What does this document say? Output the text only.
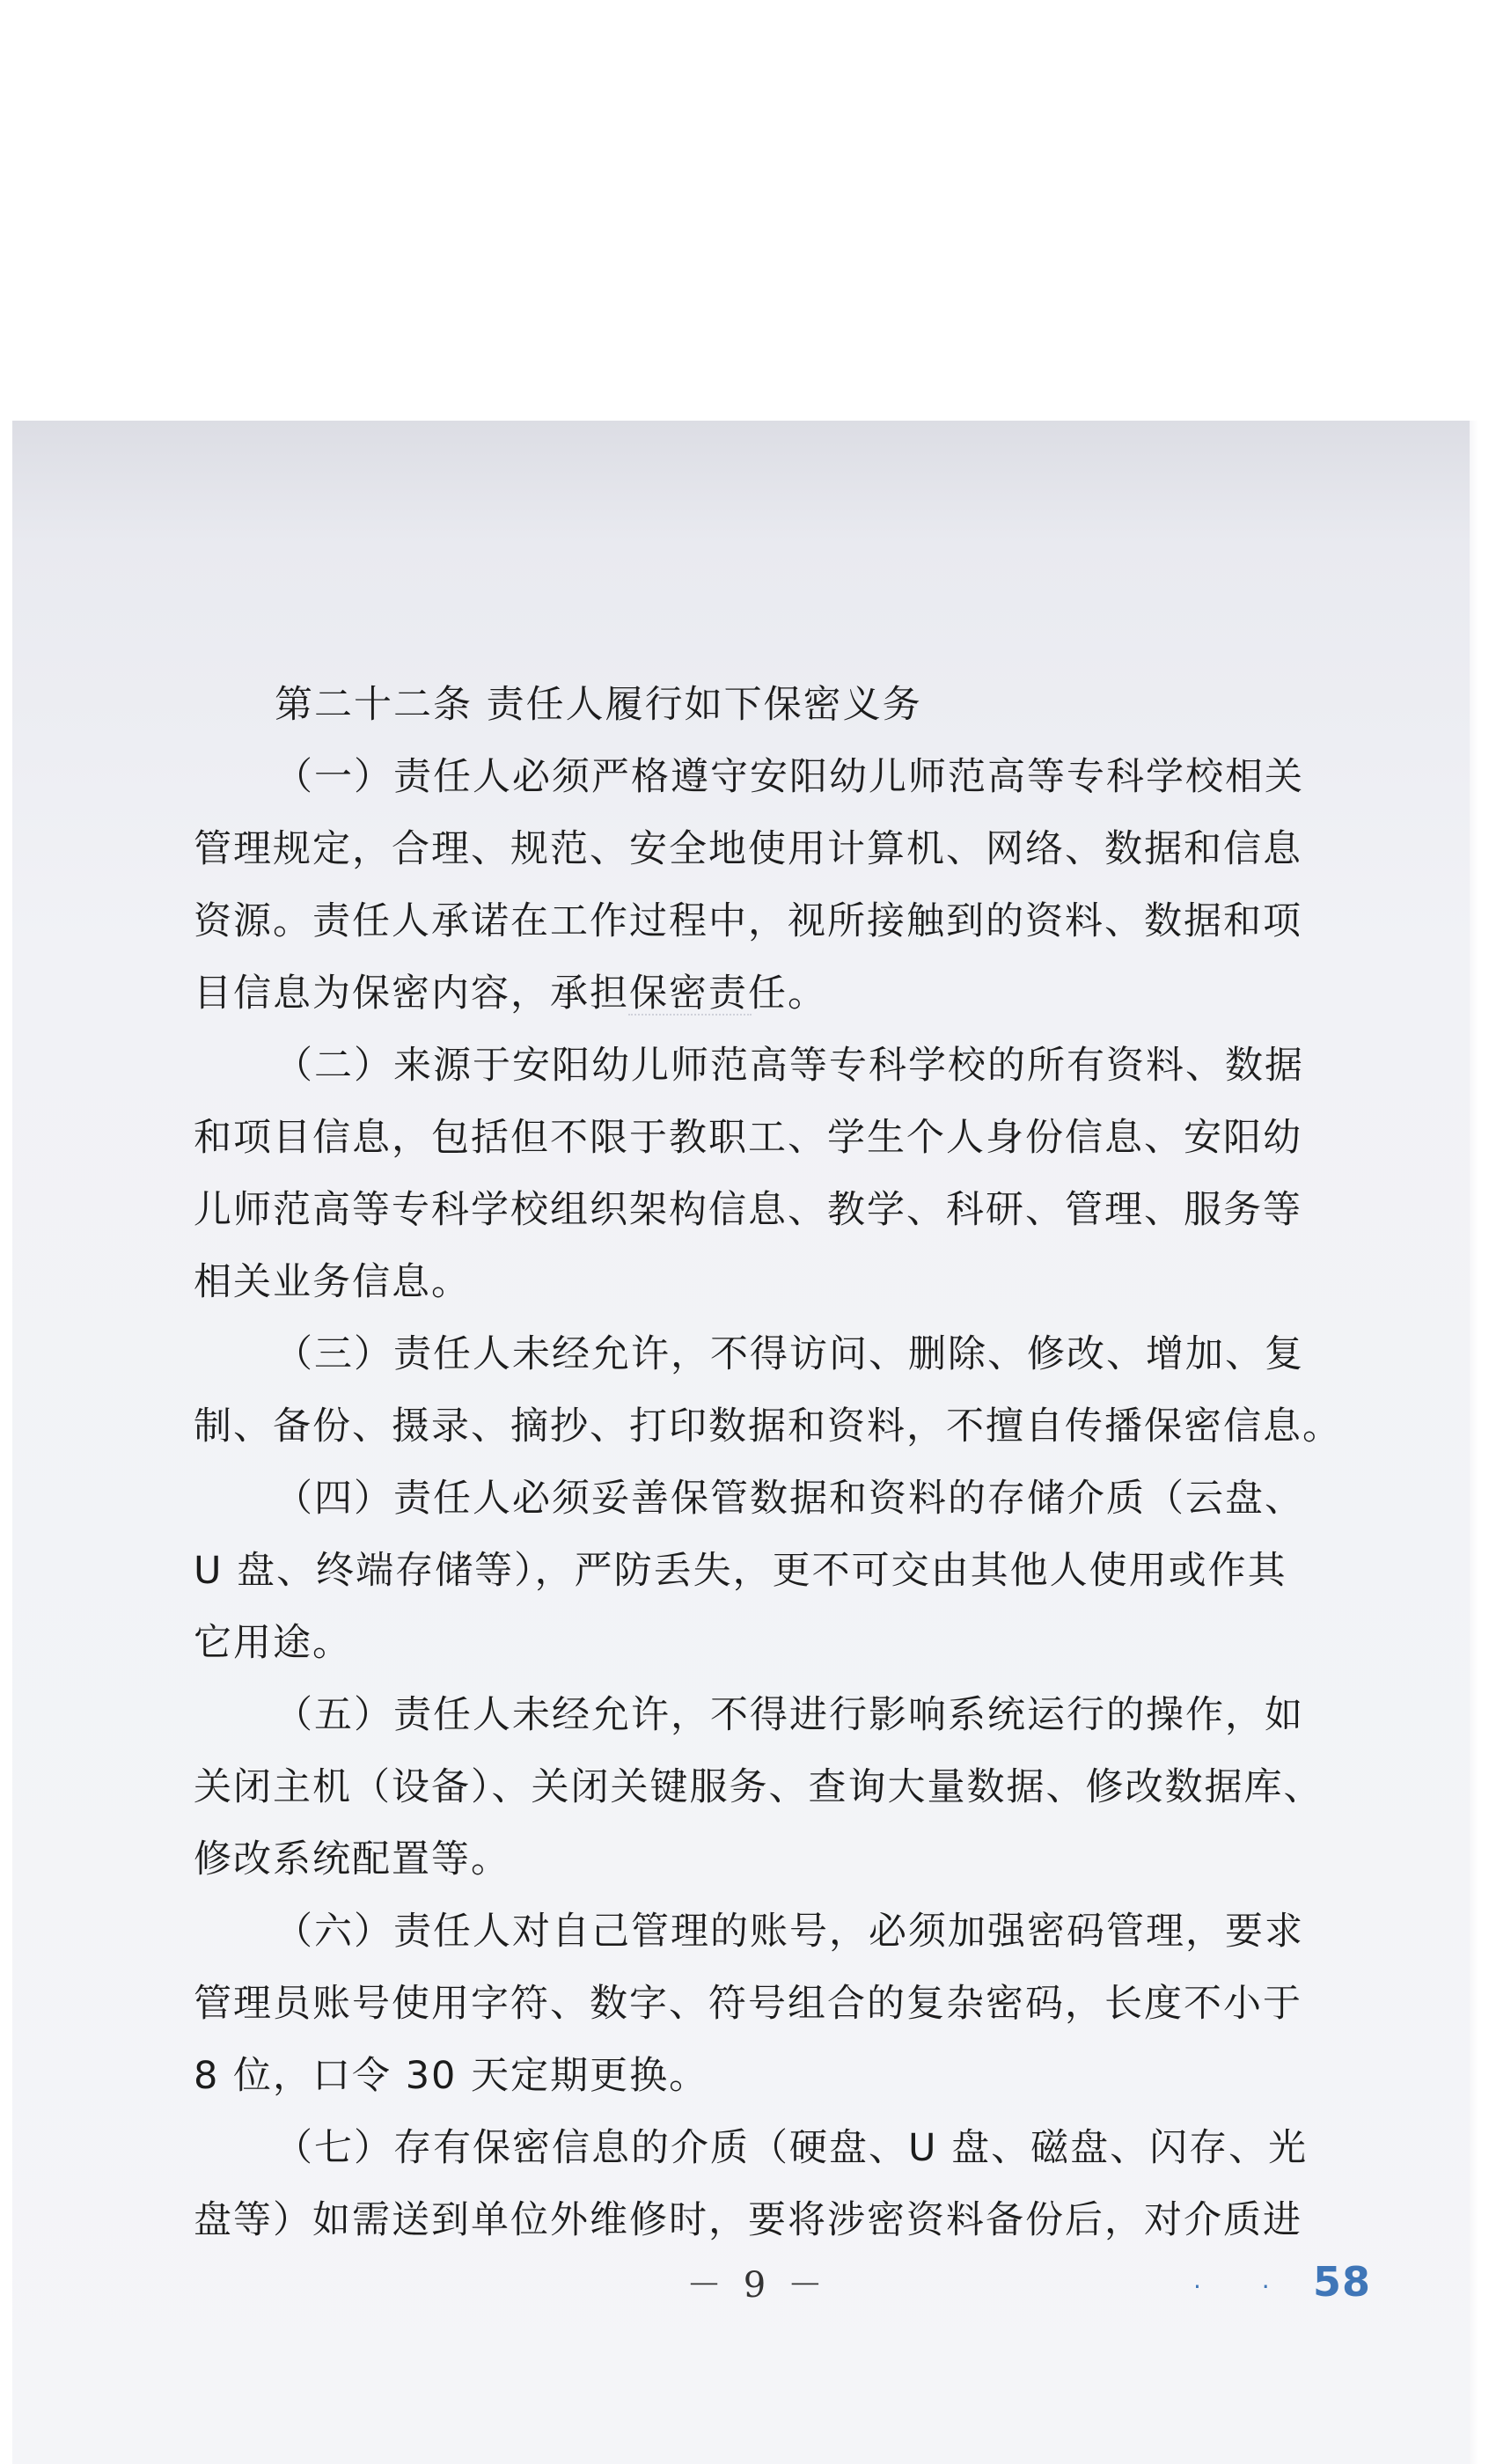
第二十二条 责任人履行如下保密义务
（一）责任人必须严格遵守安阳幼儿师范高等专科学校相关
管理规定，合理、规范、安全地使用计算机、网络、数据和信息
资源。责任人承诺在工作过程中，视所接触到的资料、数据和项
目信息为保密内容，承担保密责任。
（二）来源于安阳幼儿师范高等专科学校的所有资料、数据
和项目信息，包括但不限于教职工、学生个人身份信息、安阳幼
儿师范高等专科学校组织架构信息、教学、科研、管理、服务等
相关业务信息。
（三）责任人未经允许，不得访问、删除、修改、增加、复
制、备份、摄录、摘抄、打印数据和资料，不擅自传播保密信息。
（四）责任人必须妥善保管数据和资料的存储介质（云盘、
U 盘、终端存储等），严防丢失，更不可交由其他人使用或作其
它用途。
（五）责任人未经允许，不得进行影响系统运行的操作，如
关闭主机（设备）、关闭关键服务、查询大量数据、修改数据库、
修改系统配置等。
（六）责任人对自己管理的账号，必须加强密码管理，要求
管理员账号使用字符、数字、符号组合的复杂密码，长度不小于
8 位，口令 30 天定期更换。
（七）存有保密信息的介质（硬盘、U 盘、磁盘、闪存、光
盘等）如需送到单位外维修时，要将涉密资料备份后，对介质进
－ 9 －	· · 58
